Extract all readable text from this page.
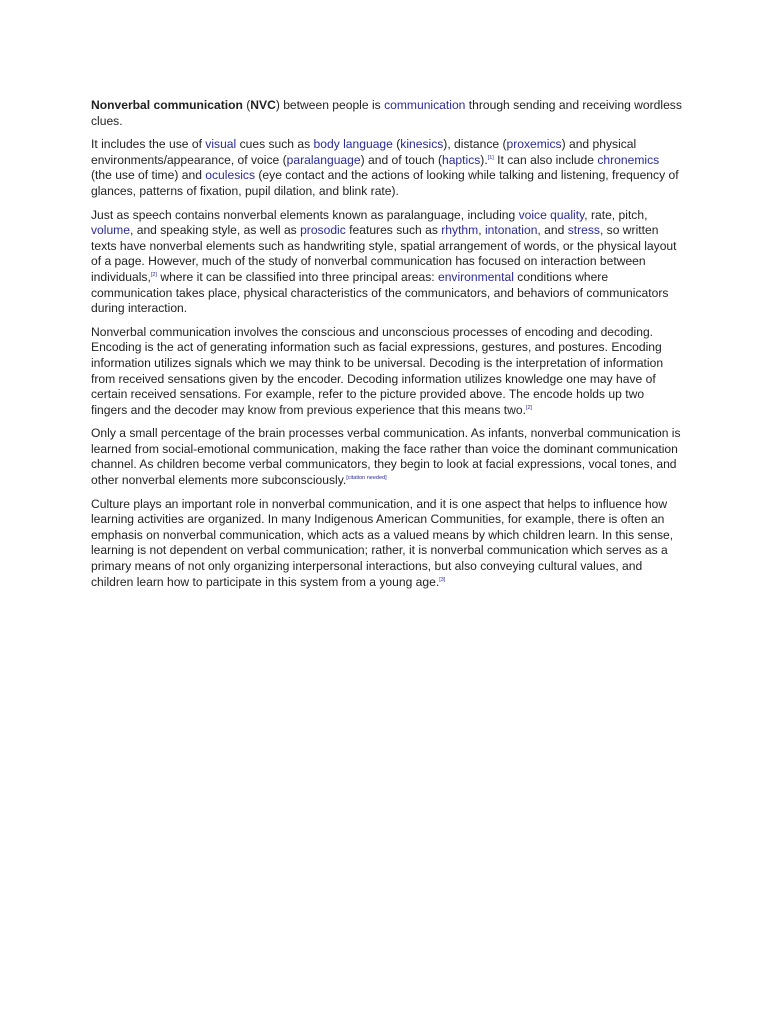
Nonverbal communication (NVC) between people is communication through sending and receiving wordless clues.

It includes the use of visual cues such as body language (kinesics), distance (proxemics) and physical environments/appearance, of voice (paralanguage) and of touch (haptics).[1] It can also include chronemics (the use of time) and oculesics (eye contact and the actions of looking while talking and listening, frequency of glances, patterns of fixation, pupil dilation, and blink rate).

Just as speech contains nonverbal elements known as paralanguage, including voice quality, rate, pitch, volume, and speaking style, as well as prosodic features such as rhythm, intonation, and stress, so written texts have nonverbal elements such as handwriting style, spatial arrangement of words, or the physical layout of a page. However, much of the study of nonverbal communication has focused on interaction between individuals,[2] where it can be classified into three principal areas: environmental conditions where communication takes place, physical characteristics of the communicators, and behaviors of communicators during interaction.

Nonverbal communication involves the conscious and unconscious processes of encoding and decoding. Encoding is the act of generating information such as facial expressions, gestures, and postures. Encoding information utilizes signals which we may think to be universal. Decoding is the interpretation of information from received sensations given by the encoder. Decoding information utilizes knowledge one may have of certain received sensations. For example, refer to the picture provided above. The encode holds up two fingers and the decoder may know from previous experience that this means two.[2]

Only a small percentage of the brain processes verbal communication. As infants, nonverbal communication is learned from social-emotional communication, making the face rather than voice the dominant communication channel. As children become verbal communicators, they begin to look at facial expressions, vocal tones, and other nonverbal elements more subconsciously.[citation needed]

Culture plays an important role in nonverbal communication, and it is one aspect that helps to influence how learning activities are organized. In many Indigenous American Communities, for example, there is often an emphasis on nonverbal communication, which acts as a valued means by which children learn. In this sense, learning is not dependent on verbal communication; rather, it is nonverbal communication which serves as a primary means of not only organizing interpersonal interactions, but also conveying cultural values, and children learn how to participate in this system from a young age.[3]
